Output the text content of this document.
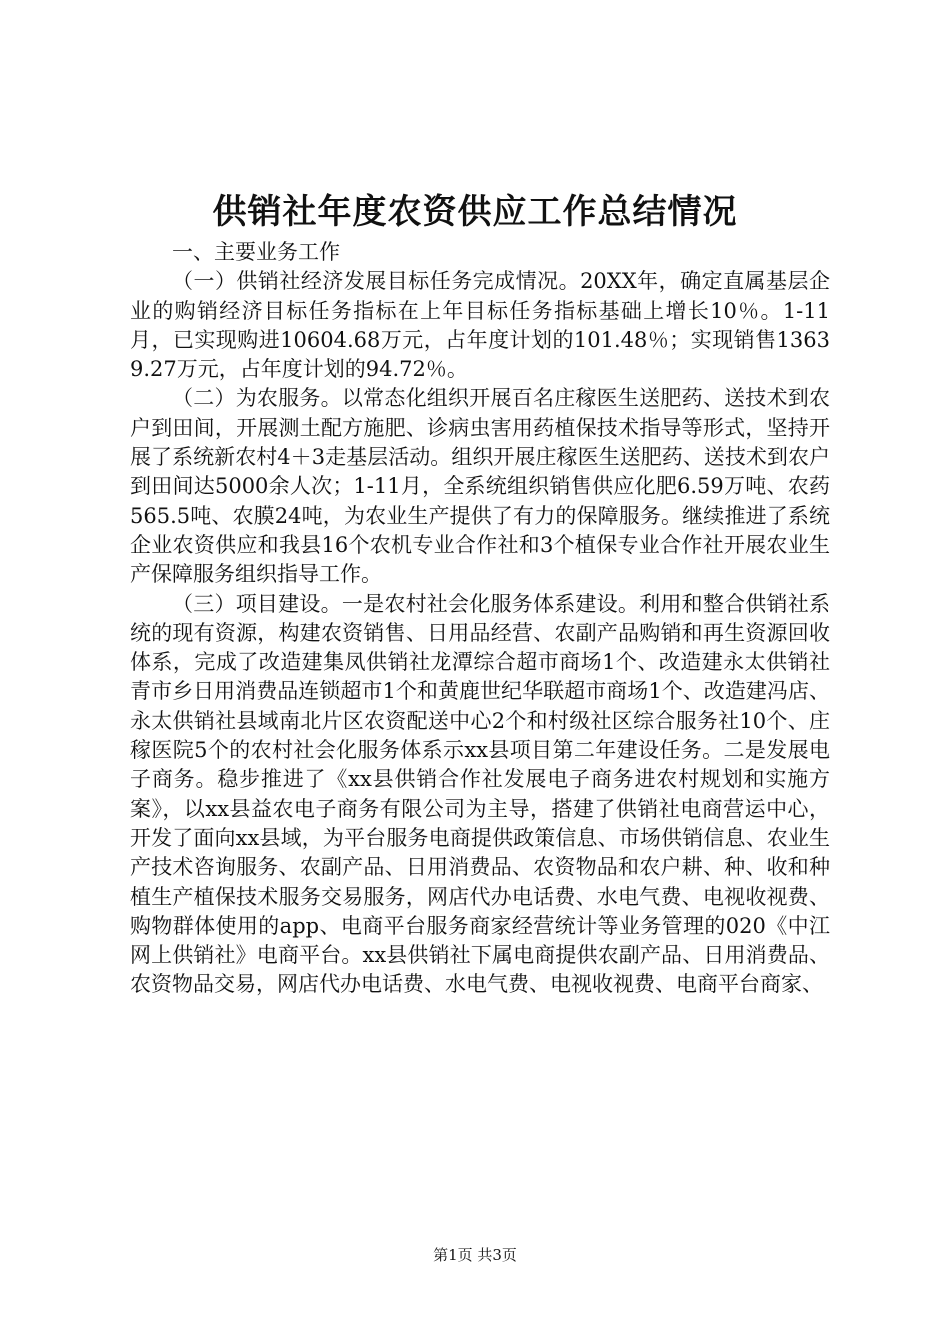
供销社年度农资供应工作总结情况

一、主要业务工作

（一）供销社经济发展目标任务完成情况。20XX年，确定直属基层企业的购销经济目标任务指标在上年目标任务指标基础上增长10％。1-11月，已实现购进10604.68万元，占年度计划的101.48％；实现销售13639.27万元，占年度计划的94.72％。

（二）为农服务。以常态化组织开展百名庄稼医生送肥药、送技术到农户到田间，开展测土配方施肥、诊病虫害用药植保技术指导等形式，坚持开展了系统新农村4＋3走基层活动。组织开展庄稼医生送肥药、送技术到农户到田间达5000余人次；1-11月，全系统组织销售供应化肥6.59万吨、农药565.5吨、农膜24吨，为农业生产提供了有力的保障服务。继续推进了系统企业农资供应和我县16个农机专业合作社和3个植保专业合作社开展农业生产保障服务组织指导工作。

（三）项目建设。一是农村社会化服务体系建设。利用和整合供销社系统的现有资源，构建农资销售、日用品经营、农副产品购销和再生资源回收体系，完成了改造建集凤供销社龙潭综合超市商场1个、改造建永太供销社青市乡日用消费品连锁超市1个和黄鹿世纪华联超市商场1个、改造建冯店、永太供销社县域南北片区农资配送中心2个和村级社区综合服务社10个、庄稼医院5个的农村社会化服务体系示xx县项目第二年建设任务。二是发展电子商务。稳步推进了《xx县供销合作社发展电子商务进农村规划和实施方案》，以xx县益农电子商务有限公司为主导，搭建了供销社电商营运中心，开发了面向xx县域，为平台服务电商提供政策信息、市场供销信息、农业生产技术咨询服务、农副产品、日用消费品、农资物品和农户耕、种、收和种植生产植保技术服务交易服务，网店代办电话费、水电气费、电视收视费、购物群体使用的app、电商平台服务商家经营统计等业务管理的020《中江网上供销社》电商平台。xx县供销社下属电商提供农副产品、日用消费品、农资物品交易，网店代办电话费、水电气费、电视收视费、电商平台商家、

第1页 共3页
